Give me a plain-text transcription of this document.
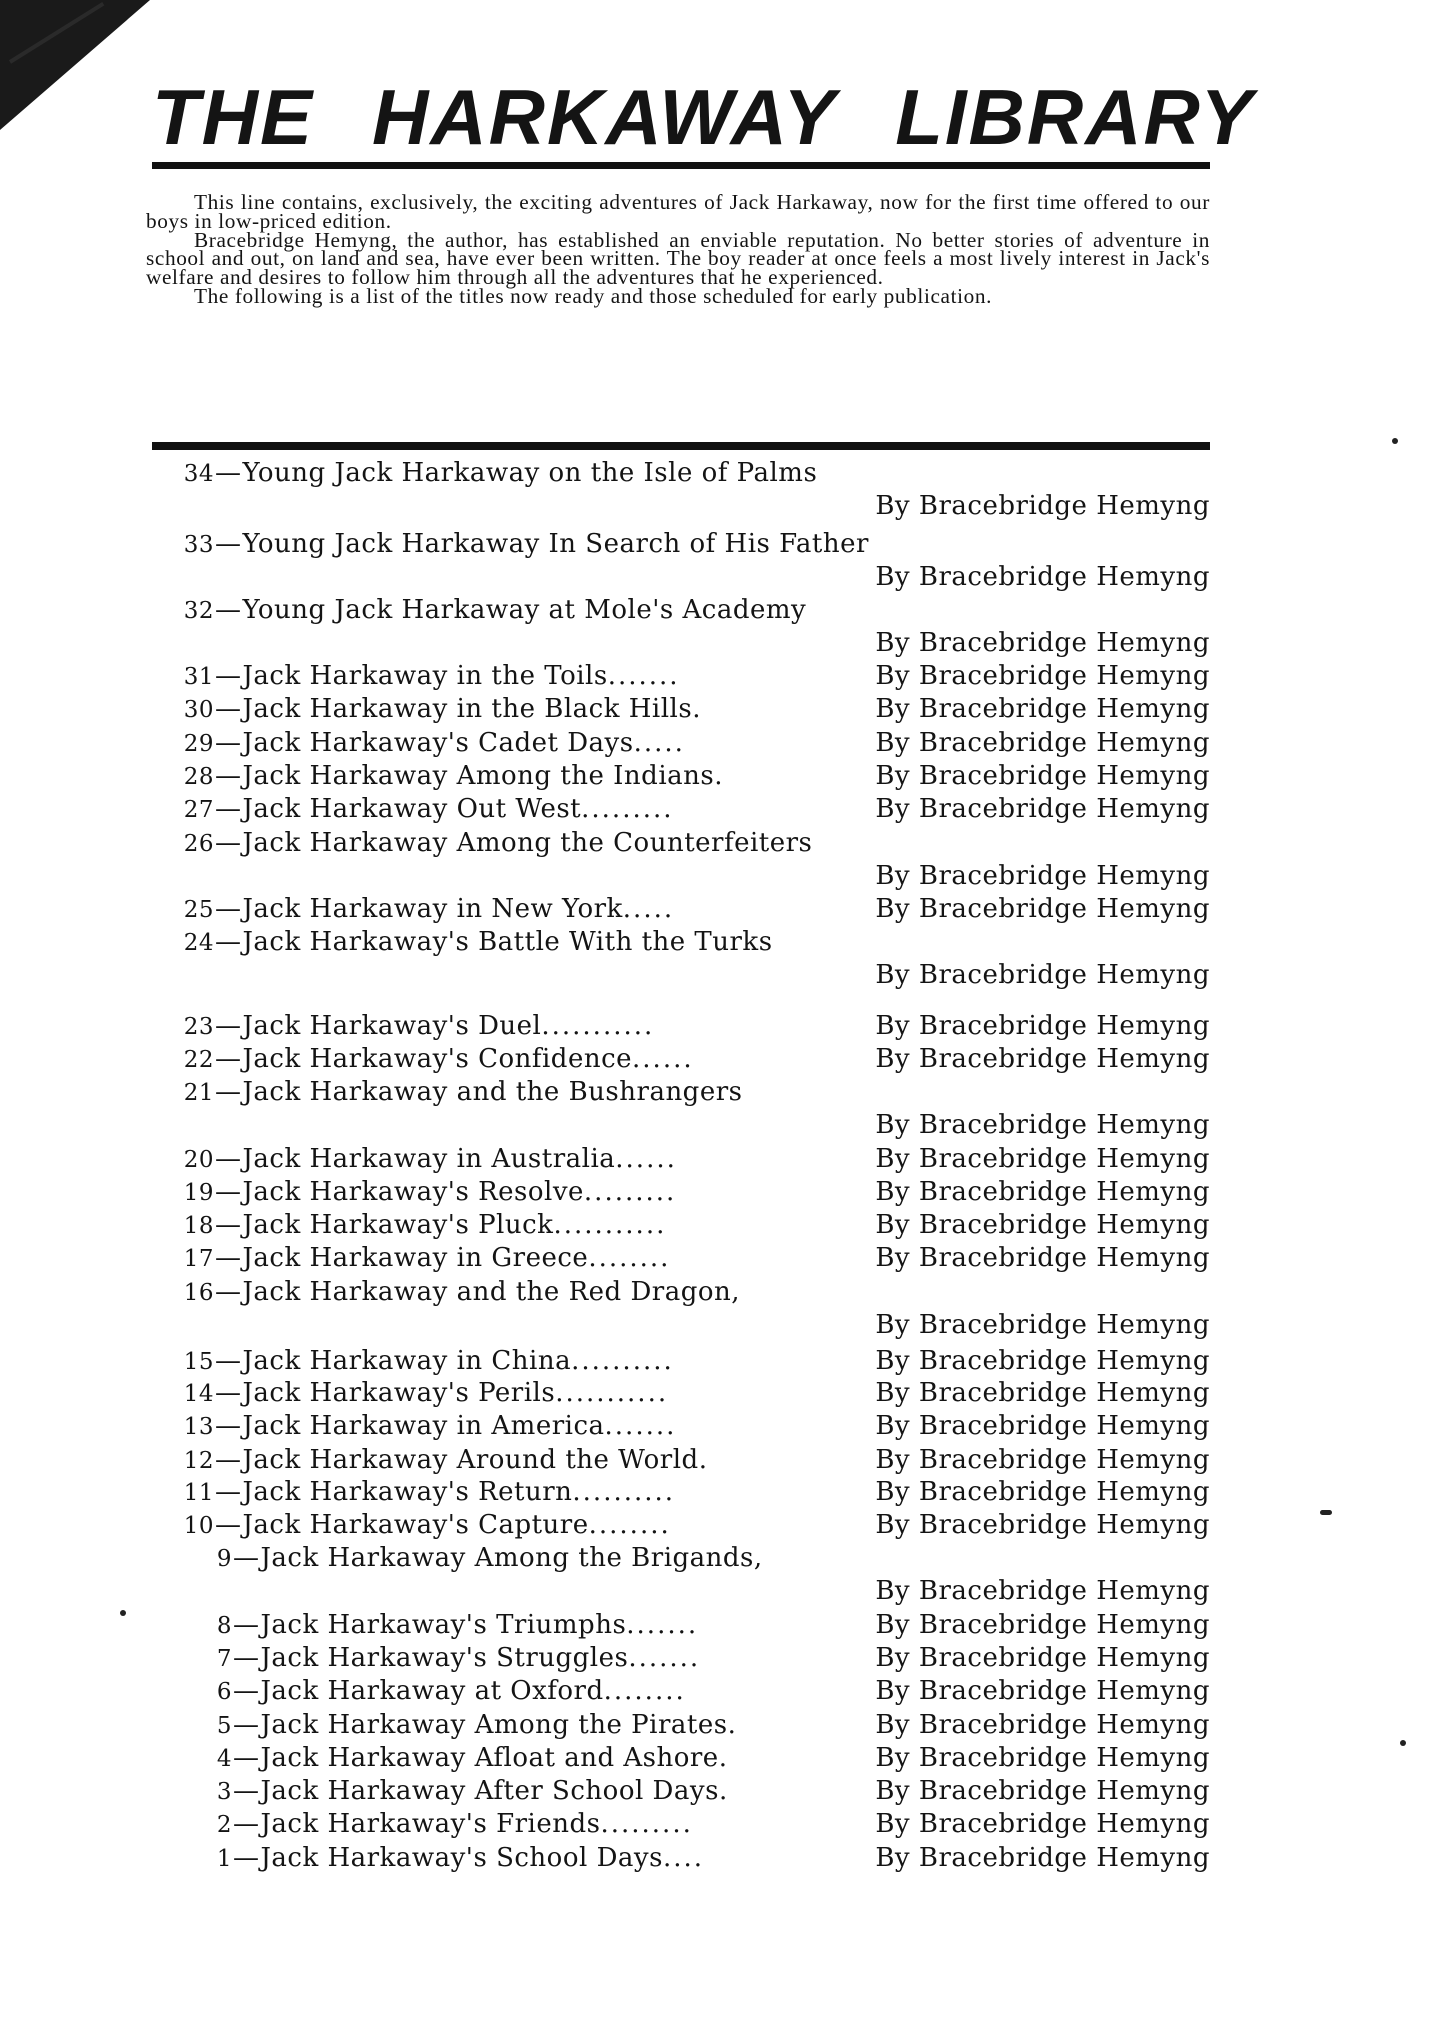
THE HARKAWAY LIBRARY

This line contains, exclusively, the exciting adventures of Jack Harkaway, now for the first time offered to our boys in low-priced edition.

Bracebridge Hemyng, the author, has established an enviable reputation. No better stories of adventure in school and out, on land and sea, have ever been written. The boy reader at once feels a most lively interest in Jack's welfare and desires to follow him through all the adventures that he experienced.

The following is a list of the titles now ready and those scheduled for early publication.

34—Young Jack Harkaway on the Isle of Palms
By Bracebridge Hemyng
33—Young Jack Harkaway In Search of His Father
By Bracebridge Hemyng
32—Young Jack Harkaway at Mole's Academy
By Bracebridge Hemyng
31—Jack Harkaway in the Toils.......	By Bracebridge Hemyng
30—Jack Harkaway in the Black Hills.	By Bracebridge Hemyng
29—Jack Harkaway's Cadet Days.....	By Bracebridge Hemyng
28—Jack Harkaway Among the Indians.	By Bracebridge Hemyng
27—Jack Harkaway Out West.........	By Bracebridge Hemyng
26—Jack Harkaway Among the Counterfeiters
By Bracebridge Hemyng
25—Jack Harkaway in New York.....	By Bracebridge Hemyng
24—Jack Harkaway's Battle With the Turks
By Bracebridge Hemyng
23—Jack Harkaway's Duel...........	By Bracebridge Hemyng
22—Jack Harkaway's Confidence......	By Bracebridge Hemyng
21—Jack Harkaway and the Bushrangers
By Bracebridge Hemyng
20—Jack Harkaway in Australia......	By Bracebridge Hemyng
19—Jack Harkaway's Resolve.........	By Bracebridge Hemyng
18—Jack Harkaway's Pluck...........	By Bracebridge Hemyng
17—Jack Harkaway in Greece........	By Bracebridge Hemyng
16—Jack Harkaway and the Red Dragon,
By Bracebridge Hemyng
15—Jack Harkaway in China..........	By Bracebridge Hemyng
14—Jack Harkaway's Perils...........	By Bracebridge Hemyng
13—Jack Harkaway in America.......	By Bracebridge Hemyng
12—Jack Harkaway Around the World.	By Bracebridge Hemyng
11—Jack Harkaway's Return..........	By Bracebridge Hemyng
10—Jack Harkaway's Capture........	By Bracebridge Hemyng
9—Jack Harkaway Among the Brigands,
By Bracebridge Hemyng
8—Jack Harkaway's Triumphs.......	By Bracebridge Hemyng
7—Jack Harkaway's Struggles.......	By Bracebridge Hemyng
6—Jack Harkaway at Oxford........	By Bracebridge Hemyng
5—Jack Harkaway Among the Pirates.	By Bracebridge Hemyng
4—Jack Harkaway Afloat and Ashore.	By Bracebridge Hemyng
3—Jack Harkaway After School Days.	By Bracebridge Hemyng
2—Jack Harkaway's Friends.........	By Bracebridge Hemyng
1—Jack Harkaway's School Days....	By Bracebridge Hemyng
